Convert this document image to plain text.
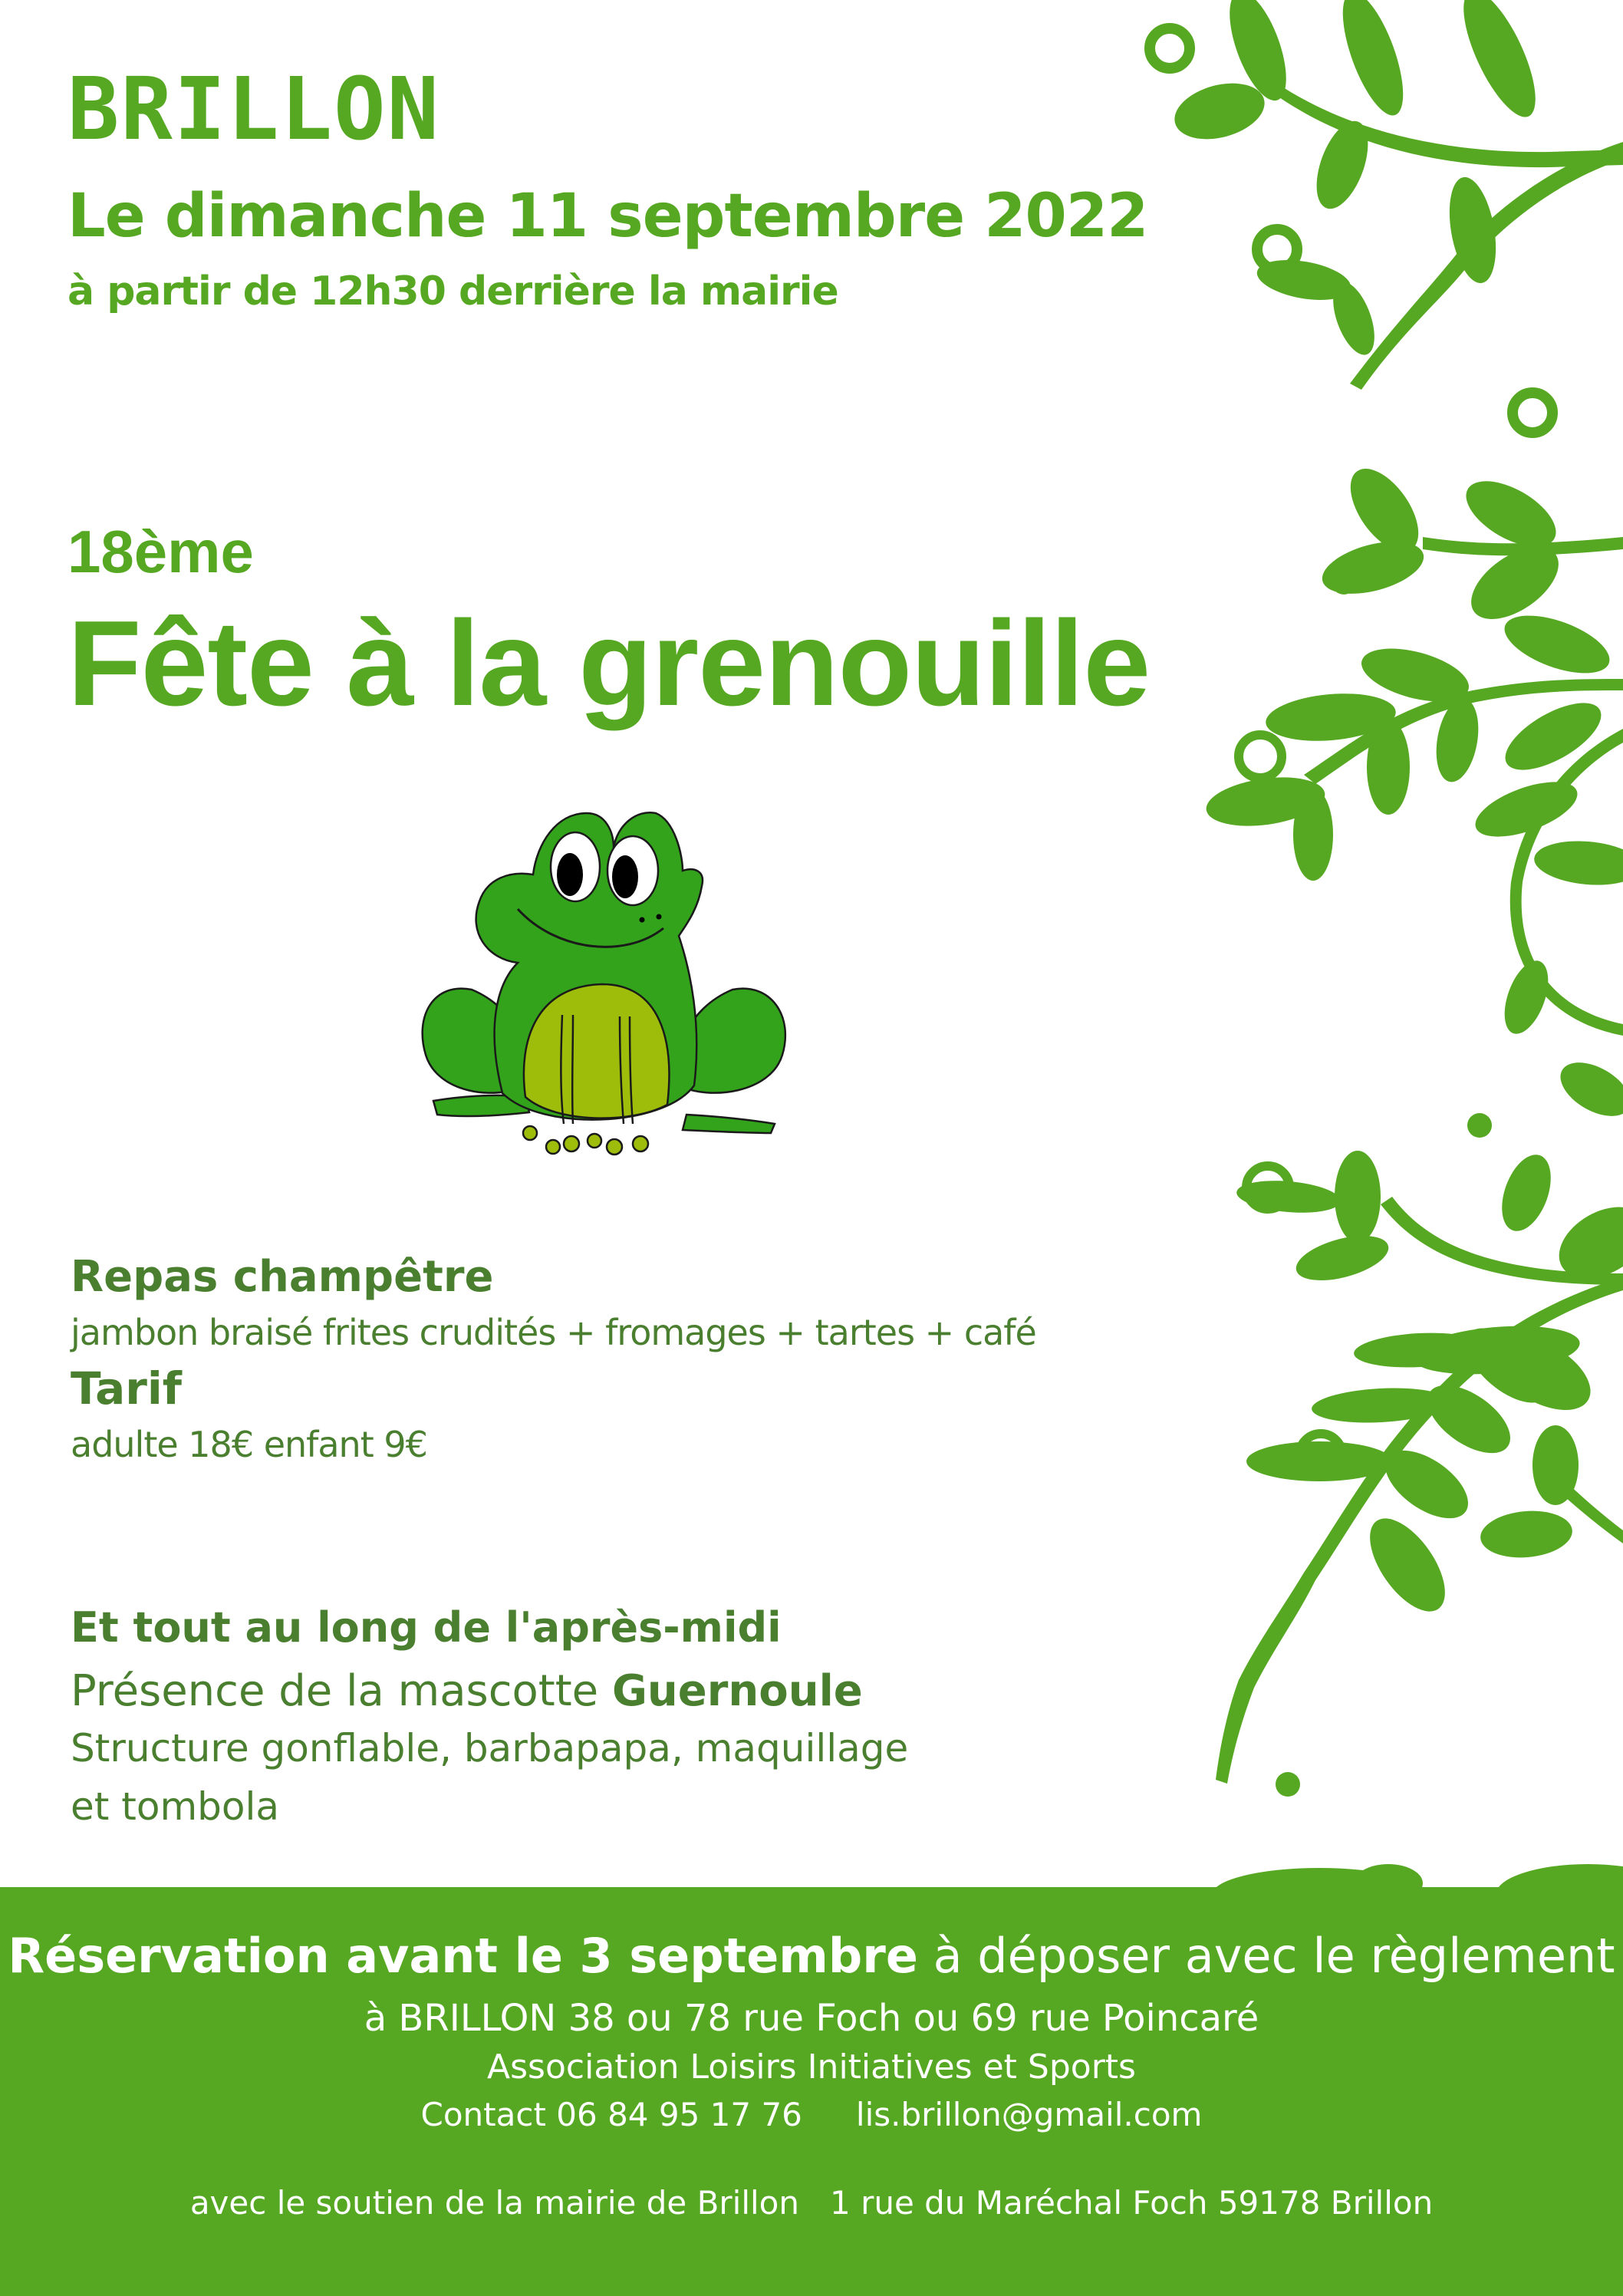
BRILLON
Le dimanche 11 septembre 2022

à partir de 12h30 derrière la mairie

18ème

Fête à la grenouille

Repas champêtre

jambon braisé frites crudités + fromages + tartes + café

Tarif

adulte 18€ enfant 9€

Et tout au long de l'après-midi

Présence de la mascotte Guernoule

Structure gonflable, barbapapa, maquillage

et tombola

Réservation avant le 3 septembre à déposer avec le règlement

à BRILLON 38 ou 78 rue Foch ou 69 rue Poincaré

Association Loisirs Initiatives et Sports

Contact 06 84 95 17 76 lis.brillon@gmail.com

avec le soutien de la mairie de Brillon 1 rue du Maréchal Foch 59178 Brillon
